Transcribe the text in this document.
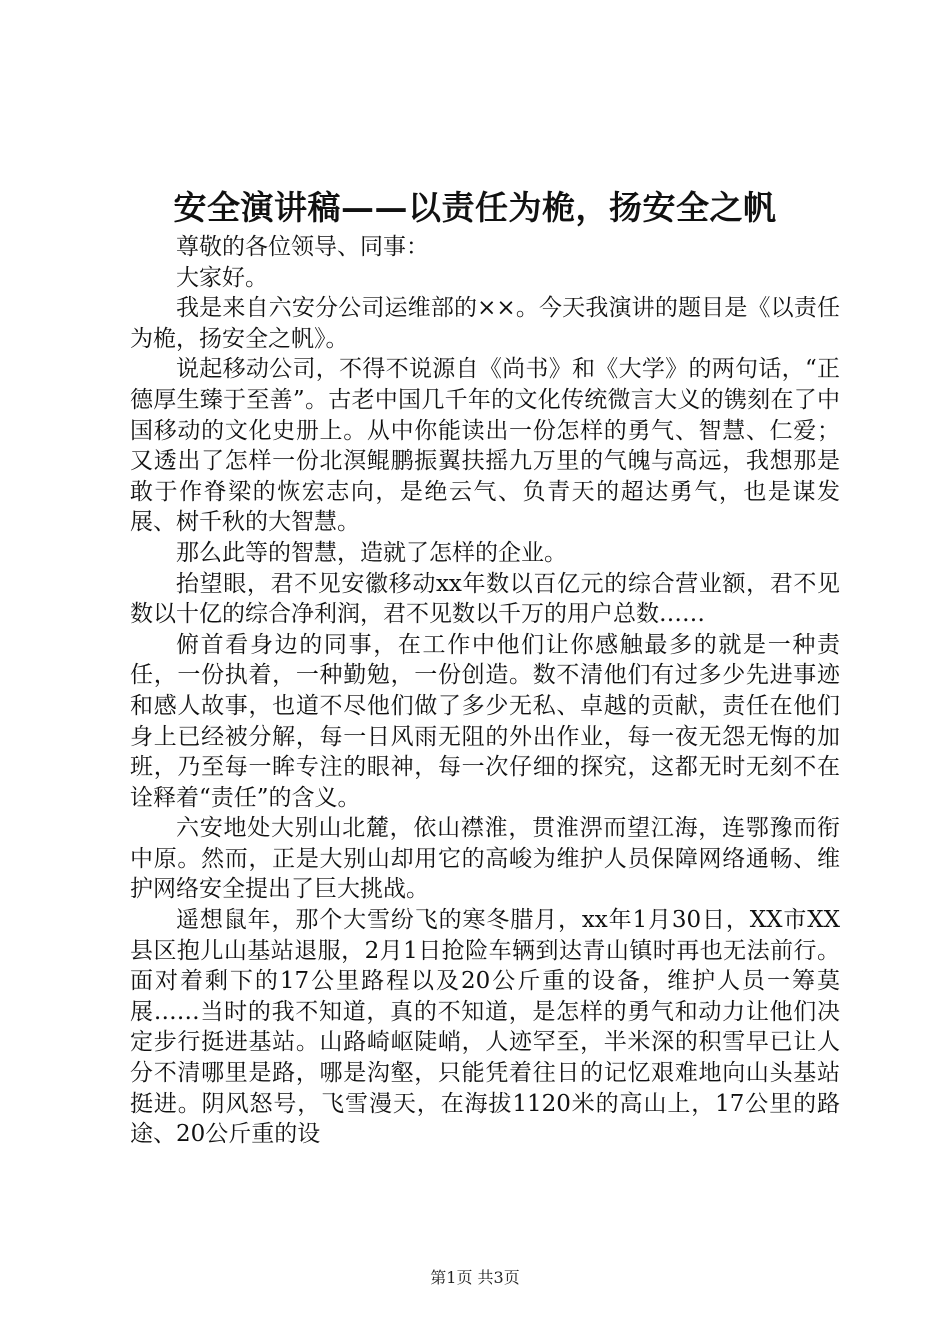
安全演讲稿——以责任为桅，扬安全之帆

尊敬的各位领导、同事：

大家好。

我是来自六安分公司运维部的××。今天我演讲的题目是《以责任为桅，扬安全之帆》。

说起移动公司，不得不说源自《尚书》和《大学》的两句话，“正德厚生臻于至善”。古老中国几千年的文化传统微言大义的镌刻在了中国移动的文化史册上。从中你能读出一份怎样的勇气、智慧、仁爱；又透出了怎样一份北溟鲲鹏振翼扶摇九万里的气魄与高远，我想那是敢于作脊梁的恢宏志向，是绝云气、负青天的超达勇气，也是谋发展、树千秋的大智慧。

那么此等的智慧，造就了怎样的企业。

抬望眼，君不见安徽移动xx年数以百亿元的综合营业额，君不见数以十亿的综合净利润，君不见数以千万的用户总数……

俯首看身边的同事，在工作中他们让你感触最多的就是一种责任，一份执着，一种勤勉，一份创造。数不清他们有过多少先进事迹和感人故事，也道不尽他们做了多少无私、卓越的贡献，责任在他们身上已经被分解，每一日风雨无阻的外出作业，每一夜无怨无悔的加班，乃至每一眸专注的眼神，每一次仔细的探究，这都无时无刻不在诠释着“责任”的含义。

六安地处大别山北麓，依山襟淮，贯淮淠而望江海，连鄂豫而衔中原。然而，正是大别山却用它的高峻为维护人员保障网络通畅、维护网络安全提出了巨大挑战。

遥想鼠年，那个大雪纷飞的寒冬腊月，xx年1月30日，XX市XX县区抱儿山基站退服，2月1日抢险车辆到达青山镇时再也无法前行。面对着剩下的17公里路程以及20公斤重的设备，维护人员一筹莫展……当时的我不知道，真的不知道，是怎样的勇气和动力让他们决定步行挺进基站。山路崎岖陡峭，人迹罕至，半米深的积雪早已让人分不清哪里是路，哪是沟壑，只能凭着往日的记忆艰难地向山头基站挺进。阴风怒号，飞雪漫天，在海拔1120米的高山上，17公里的路途、20公斤重的设

第1页 共3页
